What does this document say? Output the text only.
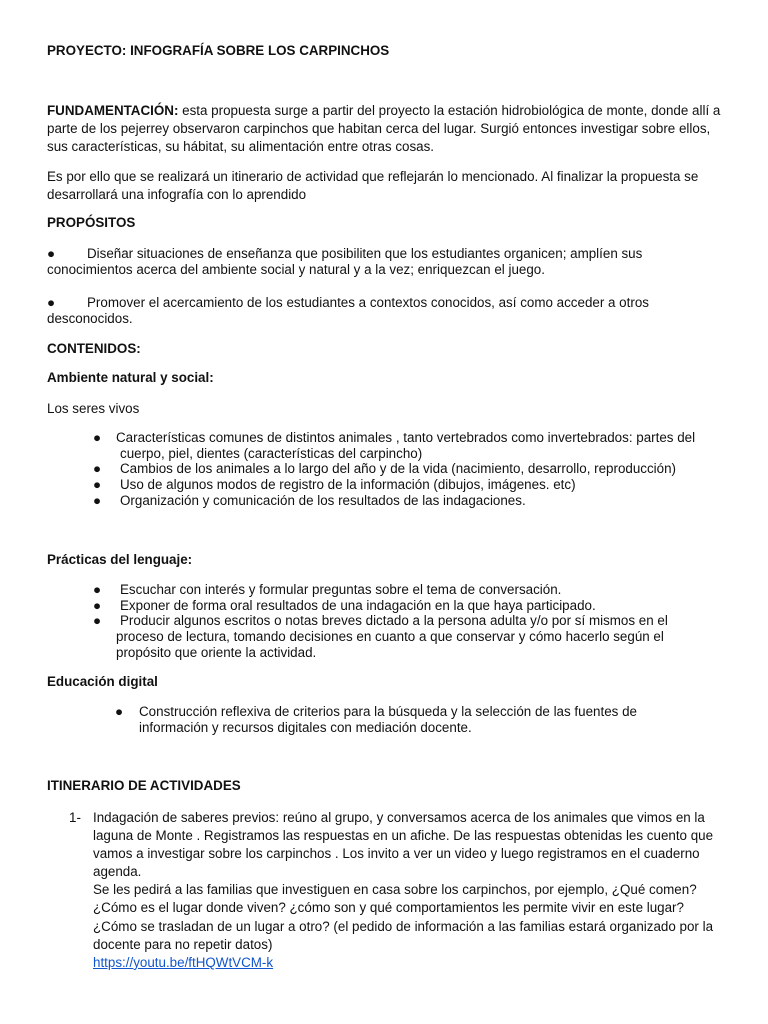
PROYECTO: INFOGRAFÍA SOBRE LOS CARPINCHOS

FUNDAMENTACIÓN: esta propuesta surge a partir del proyecto la estación hidrobiológica de monte, donde allí a parte de los pejerrey observaron carpinchos que habitan cerca del lugar. Surgió entonces investigar sobre ellos, sus características, su hábitat, su alimentación entre otras cosas.

Es por ello que se realizará un itinerario de actividad que reflejarán lo mencionado. Al finalizar la propuesta se desarrollará una infografía con lo aprendido

PROPÓSITOS

● Diseñar situaciones de enseñanza que posibiliten que los estudiantes organicen; amplíen sus conocimientos acerca del ambiente social y natural y a la vez; enriquezcan el juego.

● Promover el acercamiento de los estudiantes a contextos conocidos, así como acceder a otros desconocidos.

CONTENIDOS:

Ambiente natural y social:

Los seres vivos

● Características comunes de distintos animales , tanto vertebrados como invertebrados: partes del cuerpo, piel, dientes (características del carpincho)
● Cambios de los animales a lo largo del año y de la vida (nacimiento, desarrollo, reproducción)
● Uso de algunos modos de registro de la información (dibujos, imágenes. etc)
● Organización y comunicación de los resultados de las indagaciones.

Prácticas del lenguaje:

● Escuchar con interés y formular preguntas sobre el tema de conversación.
● Exponer de forma oral resultados de una indagación en la que haya participado.
● Producir algunos escritos o notas breves dictado a la persona adulta y/o por sí mismos en el proceso de lectura, tomando decisiones en cuanto a que conservar y cómo hacerlo según el propósito que oriente la actividad.

Educación digital

● Construcción reflexiva de criterios para la búsqueda y la selección de las fuentes de información y recursos digitales con mediación docente.

ITINERARIO DE ACTIVIDADES

1- Indagación de saberes previos: reúno al grupo, y conversamos acerca de los animales que vimos en la laguna de Monte . Registramos las respuestas en un afiche. De las respuestas obtenidas les cuento que vamos a investigar sobre los carpinchos . Los invito a ver un video y luego registramos en el cuaderno agenda.
Se les pedirá a las familias que investiguen en casa sobre los carpinchos, por ejemplo, ¿Qué comen? ¿Cómo es el lugar donde viven? ¿cómo son y qué comportamientos les permite vivir en este lugar? ¿Cómo se trasladan de un lugar a otro? (el pedido de información a las familias estará organizado por la docente para no repetir datos)
https://youtu.be/ftHQWtVCM-k
